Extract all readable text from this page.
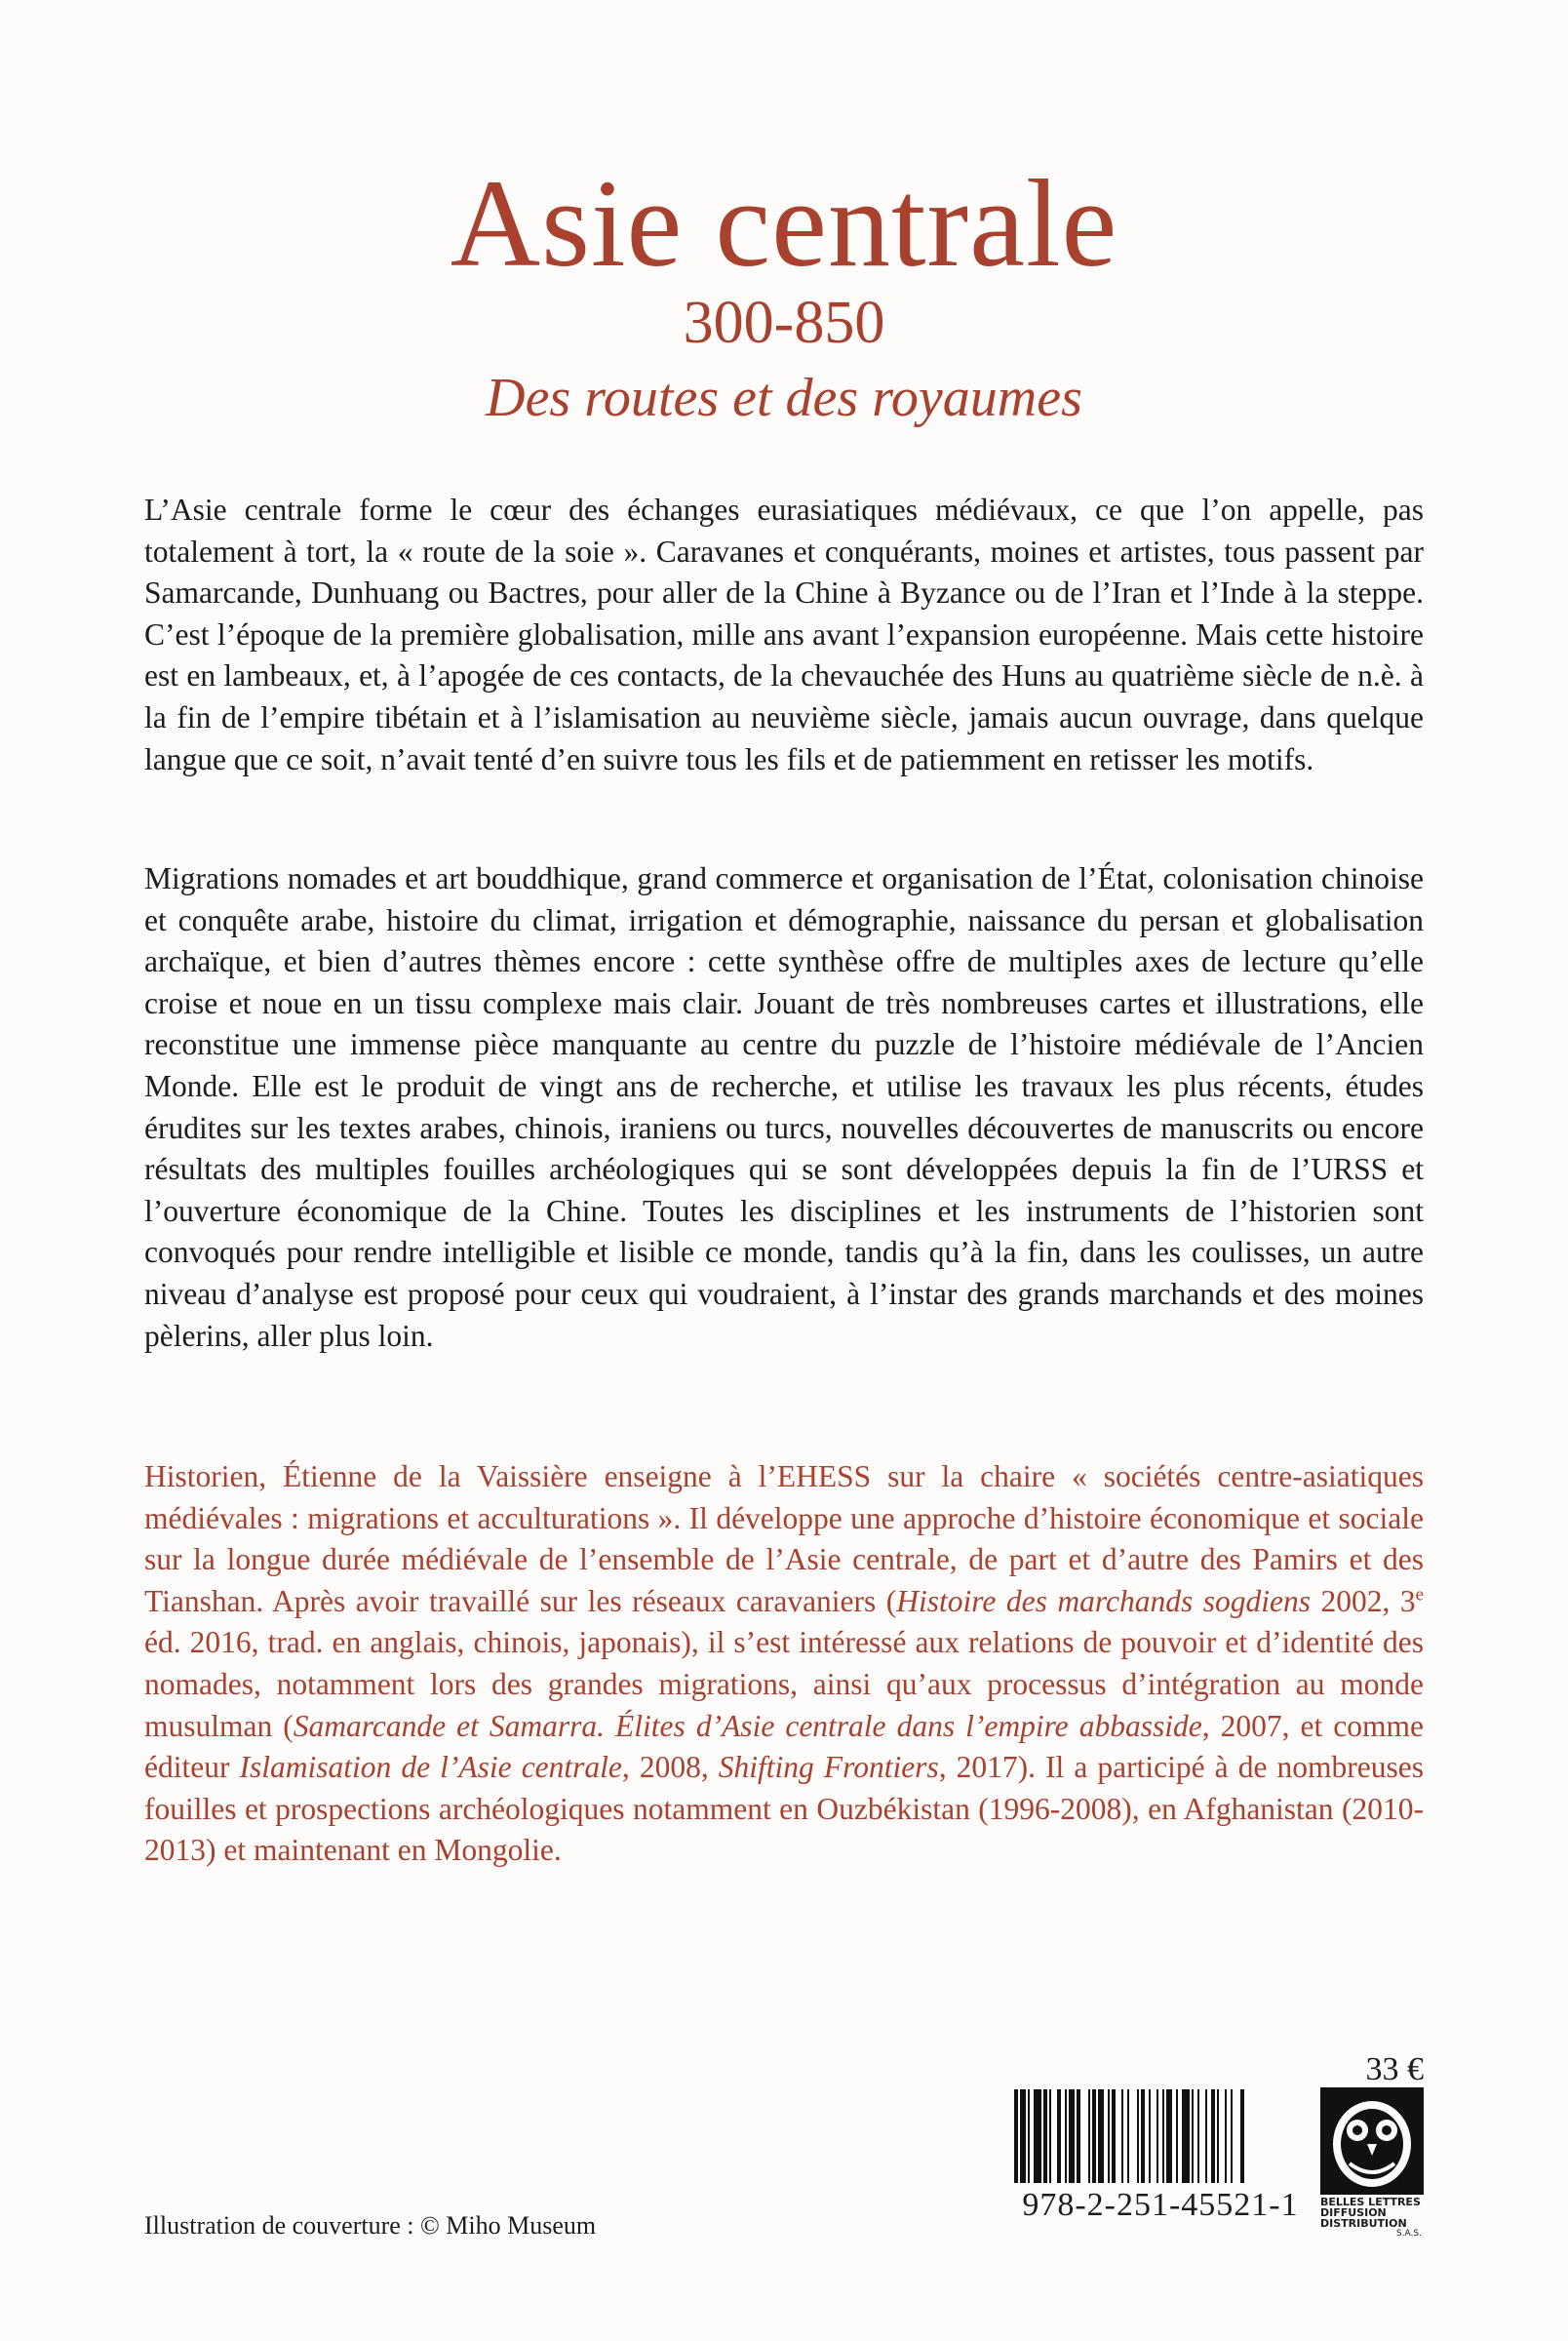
Asie centrale
300-850
Des routes et des royaumes

L’Asie centrale forme le cœur des échanges eurasiatiques médiévaux, ce que l’on appelle, pas totalement à tort, la « route de la soie ». Caravanes et conquérants, moines et artistes, tous passent par Samarcande, Dunhuang ou Bactres, pour aller de la Chine à Byzance ou de l’Iran et l’Inde à la steppe. C’est l’époque de la première globalisation, mille ans avant l’expansion européenne. Mais cette histoire est en lambeaux, et, à l’apogée de ces contacts, de la chevauchée des Huns au quatrième siècle de n.è. à la fin de l’empire tibétain et à l’islamisation au neuvième siècle, jamais aucun ouvrage, dans quelque langue que ce soit, n’avait tenté d’en suivre tous les fils et de patiemment en retisser les motifs.

Migrations nomades et art bouddhique, grand commerce et organisation de l’État, colonisation chinoise et conquête arabe, histoire du climat, irrigation et démographie, naissance du persan et globalisation archaïque, et bien d’autres thèmes encore : cette synthèse offre de multiples axes de lecture qu’elle croise et noue en un tissu complexe mais clair. Jouant de très nombreuses cartes et illustrations, elle reconstitue une immense pièce manquante au centre du puzzle de l’histoire médiévale de l’Ancien Monde. Elle est le produit de vingt ans de recherche, et utilise les travaux les plus récents, études érudites sur les textes arabes, chinois, iraniens ou turcs, nouvelles découvertes de manuscrits ou encore résultats des multiples fouilles archéologiques qui se sont développées depuis la fin de l’URSS et l’ouverture économique de la Chine. Toutes les disciplines et les instruments de l’historien sont convoqués pour rendre intelligible et lisible ce monde, tandis qu’à la fin, dans les coulisses, un autre niveau d’analyse est proposé pour ceux qui voudraient, à l’instar des grands marchands et des moines pèlerins, aller plus loin.

Historien, Étienne de la Vaissière enseigne à l’EHESS sur la chaire « sociétés centre-asiatiques médiévales : migrations et acculturations ». Il développe une approche d’histoire économique et sociale sur la longue durée médiévale de l’ensemble de l’Asie centrale, de part et d’autre des Pamirs et des Tianshan. Après avoir travaillé sur les réseaux caravaniers (Histoire des marchands sogdiens 2002, 3e éd. 2016, trad. en anglais, chinois, japonais), il s’est intéressé aux relations de pouvoir et d’identité des nomades, notamment lors des grandes migrations, ainsi qu’aux processus d’intégration au monde musulman (Samarcande et Samarra. Élites d’Asie centrale dans l’empire abbasside, 2007, et comme éditeur Islamisation de l’Asie centrale, 2008, Shifting Frontiers, 2017). Il a participé à de nombreuses fouilles et prospections archéologiques notamment en Ouzbékistan (1996-2008), en Afghanistan (2010-2013) et maintenant en Mongolie.

33 €
978-2-251-45521-1	BELLES LETTRES
DIFFUSION
DISTRIBUTION
S.A.S.
Illustration de couverture : © Miho Museum
